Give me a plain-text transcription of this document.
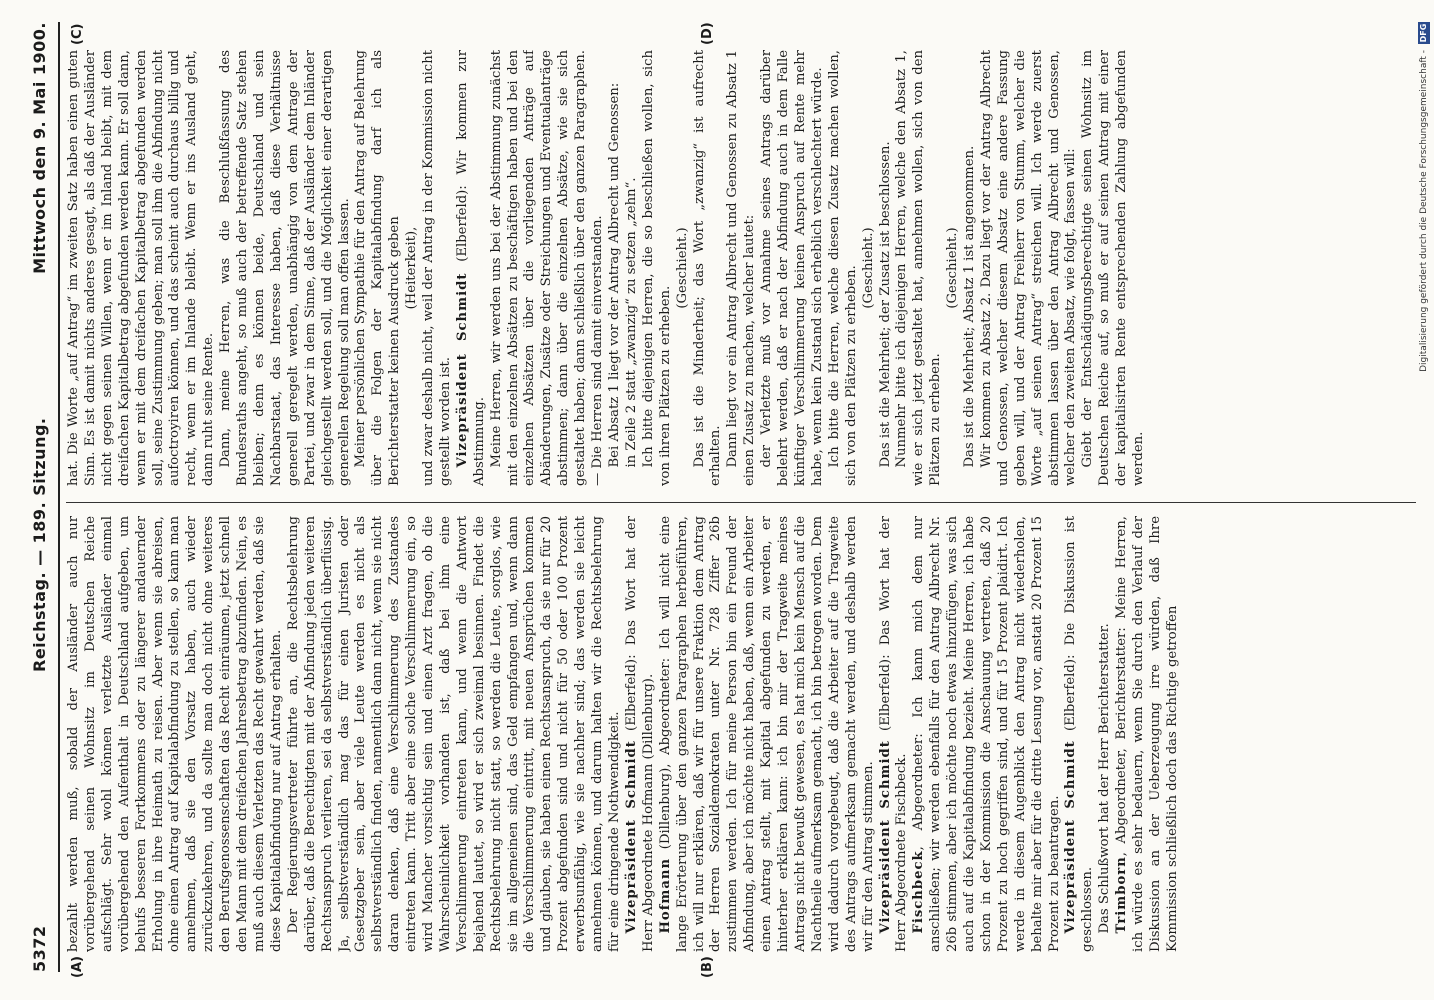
5372
Reichstag. — 189. Sitzung.
Mittwoch den 9. Mai 1900.
(A)	(B)
(C)	(D)

bezahlt werden muß, sobald der Ausländer auch nur vorübergehend seinen Wohnsitz im Deutschen Reiche aufschlägt. Sehr wohl können verletzte Ausländer einmal vorübergehend den Aufenthalt in Deutschland aufgeben, um behufs besseren Fortkommens oder zu längerer andauernder Erholung in ihre Heimath zu reisen. Aber wenn sie abreisen, ohne einen Antrag auf Kapitalabfindung zu stellen, so kann man annehmen, daß sie den Vorsatz haben, auch wieder zurückzukehren, und da sollte man doch nicht ohne weiteres den Berufsgenossenschaften das Recht einräumen, jetzt schnell den Mann mit dem dreifachen Jahresbetrag abzufinden. Nein, es muß auch diesem Verletzten das Recht gewahrt werden, daß sie diese Kapitalabfindung nur auf Antrag erhalten. Der Regierungsvertreter führte an, die Rechtsbelehrung darüber, daß die Berechtigten mit der Abfindung jeden weiteren Rechtsanspruch verlieren, sei da selbstverständlich überflüssig. Ja, selbstverständlich mag das für einen Juristen oder Gesetzgeber sein, aber viele Leute werden es nicht als selbstverständlich finden, namentlich dann nicht, wenn sie nicht daran denken, daß eine Verschlimmerung des Zustandes eintreten kann. Tritt aber eine solche Verschlimmerung ein, so wird Mancher vorsichtig sein und einen Arzt fragen, ob die Wahrscheinlichkeit vorhanden ist, daß bei ihm eine Verschlimmerung eintreten kann, und wenn die Antwort bejahend lautet, so wird er sich zweimal besinnen. Findet die Rechtsbelehrung nicht statt, so werden die Leute, sorglos, wie sie im allgemeinen sind, das Geld empfangen und, wenn dann die Verschlimmerung eintritt, mit neuen Ansprüchen kommen und glauben, sie haben einen Rechtsanspruch, da sie nur für 20 Prozent abgefunden sind und nicht für 50 oder 100 Prozent erwerbsunfähig, wie sie nachher sind; das werden sie leicht annehmen können, und darum halten wir die Rechtsbelehrung für eine dringende Nothwendigkeit. Vizepräsident Schmidt (Elberfeld): Das Wort hat der Herr Abgeordnete Hofmann (Dillenburg). Hofmann (Dillenburg), Abgeordneter: Ich will nicht eine lange Erörterung über den ganzen Paragraphen herbeiführen, ich will nur erklären, daß wir für unsere Fraktion dem Antrag der Herren Sozialdemokraten unter Nr. 728 Ziffer 26b zustimmen werden. Ich für meine Person bin ein Freund der Abfindung, aber ich möchte nicht haben, daß, wenn ein Arbeiter einen Antrag stellt, mit Kapital abgefunden zu werden, er hinterher erklären kann: ich bin mir der Tragweite meines Antrags nicht bewußt gewesen, es hat mich kein Mensch auf die Nachtheile aufmerksam gemacht, ich bin betrogen worden. Dem wird dadurch vorgebeugt, daß die Arbeiter auf die Tragweite des Antrags aufmerksam gemacht werden, und deshalb werden wir für den Antrag stimmen. Vizepräsident Schmidt (Elberfeld): Das Wort hat der Herr Abgeordnete Fischbeck. Fischbeck, Abgeordneter: Ich kann mich dem nur anschließen; wir werden ebenfalls für den Antrag Albrecht Nr. 26b stimmen, aber ich möchte noch etwas hinzufügen, was sich auch auf die Kapitalabfindung bezieht. Meine Herren, ich habe schon in der Kommission die Anschauung vertreten, daß 20 Prozent zu hoch gegriffen sind, und für 15 Prozent plaidirt. Ich werde in diesem Augenblick den Antrag nicht wiederholen, behalte mir aber für die dritte Lesung vor, anstatt 20 Prozent 15 Prozent zu beantragen. Vizepräsident Schmidt (Elberfeld): Die Diskussion ist geschlossen. Das Schlußwort hat der Herr Berichterstatter. Trimborn, Abgeordneter, Berichterstatter: Meine Herren, ich würde es sehr bedauern, wenn Sie durch den Verlauf der Diskussion an der Ueberzeugung irre würden, daß Ihre Kommission schließlich doch das Richtige getroffen

hat. Die Worte „auf Antrag“ im zweiten Satz haben einen guten Sinn. Es ist damit nichts anderes gesagt, als daß der Ausländer nicht gegen seinen Willen, wenn er im Inland bleibt, mit dem dreifachen Kapitalbetrag abgefunden werden kann. Er soll dann, wenn er mit dem dreifachen Kapitalbetrag abgefunden werden soll, seine Zustimmung geben; man soll ihm die Abfindung nicht aufoctroyiren können, und das scheint auch durchaus billig und recht, wenn er im Inlande bleibt. Wenn er ins Ausland geht, dann ruht seine Rente. Dann, meine Herren, was die Beschlußfassung des Bundesraths angeht, so muß auch der betreffende Satz stehen bleiben; denn es können beide, Deutschland und sein Nachbarstaat, das Interesse haben, daß diese Verhältnisse generell geregelt werden, unabhängig von dem Antrage der Partei, und zwar in dem Sinne, daß der Ausländer dem Inländer gleichgestellt werden soll, und die Möglichkeit einer derartigen generellen Regelung soll man offen lassen. Meiner persönlichen Sympathie für den Antrag auf Belehrung über die Folgen der Kapitalabfindung darf ich als Berichterstatter keinen Ausdruck geben (Heiterkeit), und zwar deshalb nicht, weil der Antrag in der Kommission nicht gestellt worden ist. Vizepräsident Schmidt (Elberfeld): Wir kommen zur Abstimmung. Meine Herren, wir werden uns bei der Abstimmung zunächst mit den einzelnen Absätzen zu beschäftigen haben und bei den einzelnen Absätzen über die vorliegenden Anträge auf Abänderungen, Zusätze oder Streichungen und Eventualanträge abstimmen; dann über die einzelnen Absätze, wie sie sich gestaltet haben; dann schließlich über den ganzen Paragraphen. — Die Herren sind damit einverstanden. Bei Absatz 1 liegt vor der Antrag Albrecht und Genossen: in Zeile 2 statt „zwanzig“ zu setzen „zehn“. Ich bitte diejenigen Herren, die so beschließen wollen, sich von ihren Plätzen zu erheben.

(Geschieht.) Das ist die Minderheit; das Wort „zwanzig“ ist aufrecht erhalten. Dann liegt vor ein Antrag Albrecht und Genossen zu Absatz 1 einen Zusatz zu machen, welcher lautet: der Verletzte muß vor Annahme seines Antrags darüber belehrt werden, daß er nach der Abfindung auch in dem Falle künftiger Verschlimmerung keinen Anspruch auf Rente mehr habe, wenn kein Zustand sich erheblich verschlechtert würde. Ich bitte die Herren, welche diesen Zusatz machen wollen, sich von den Plätzen zu erheben. (Geschieht.) Das ist die Mehrheit; der Zusatz ist beschlossen. Nunmehr bitte ich diejenigen Herren, welche den Absatz 1, wie er sich jetzt gestaltet hat, annehmen wollen, sich von den Plätzen zu erheben.

(Geschieht.) Das ist die Mehrheit; Absatz 1 ist angenommen. Wir kommen zu Absatz 2. Dazu liegt vor der Antrag Albrecht und Genossen, welcher diesem Absatz eine andere Fassung geben will, und der Antrag Freiherr von Stumm, welcher die Worte „auf seinen Antrag“ streichen will. Ich werde zuerst abstimmen lassen über den Antrag Albrecht und Genossen, welcher den zweiten Absatz, wie folgt, fassen will: Giebt der Entschädigungsberechtigte seinen Wohnsitz im Deutschen Reiche auf, so muß er auf seinen Antrag mit einer der kapitalisirten Rente entsprechenden Zahlung abgefunden werden.

Digitalisierung gefördert durch die Deutsche Forschungsgemeinschaft -
DFG
